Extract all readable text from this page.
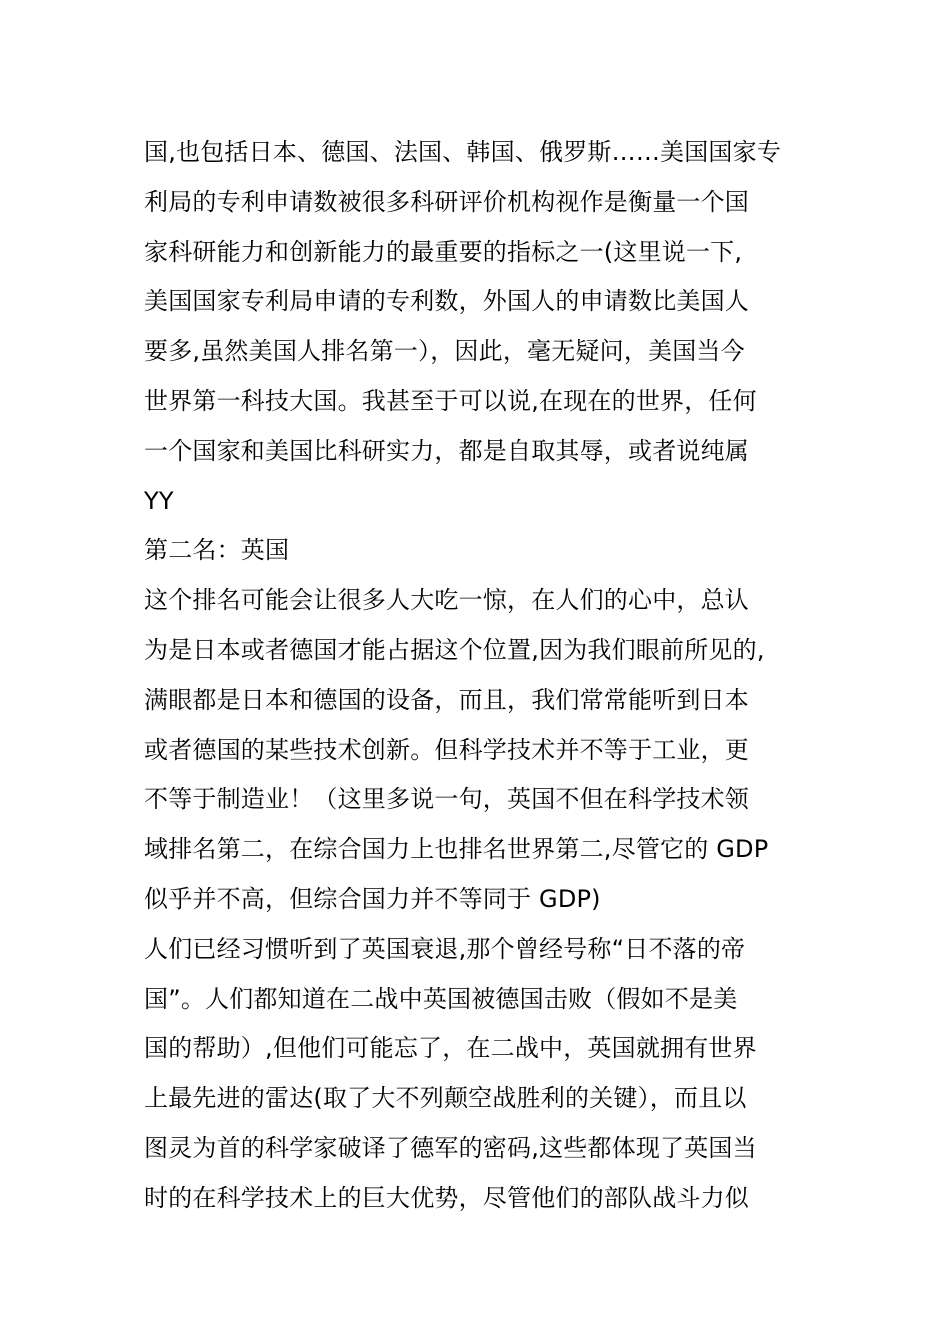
国,也包括日本、德国、法国、韩国、俄罗斯……美国国家专
利局的专利申请数被很多科研评价机构视作是衡量一个国
家科研能力和创新能力的最重要的指标之一(这里说一下,
美国国家专利局申请的专利数，外国人的申请数比美国人
要多,虽然美国人排名第一），因此，毫无疑问，美国当今
世界第一科技大国。我甚至于可以说,在现在的世界，任何
一个国家和美国比科研实力，都是自取其辱，或者说纯属
YY
第二名：英国
这个排名可能会让很多人大吃一惊，在人们的心中，总认
为是日本或者德国才能占据这个位置,因为我们眼前所见的,
满眼都是日本和德国的设备，而且，我们常常能听到日本
或者德国的某些技术创新。但科学技术并不等于工业，更
不等于制造业！（这里多说一句，英国不但在科学技术领
域排名第二，在综合国力上也排名世界第二,尽管它的 GDP
似乎并不高，但综合国力并不等同于 GDP)
人们已经习惯听到了英国衰退,那个曾经号称“日不落的帝
国”。人们都知道在二战中英国被德国击败（假如不是美
国的帮助）,但他们可能忘了，在二战中，英国就拥有世界
上最先进的雷达(取了大不列颠空战胜利的关键），而且以
图灵为首的科学家破译了德军的密码,这些都体现了英国当
时的在科学技术上的巨大优势，尽管他们的部队战斗力似
